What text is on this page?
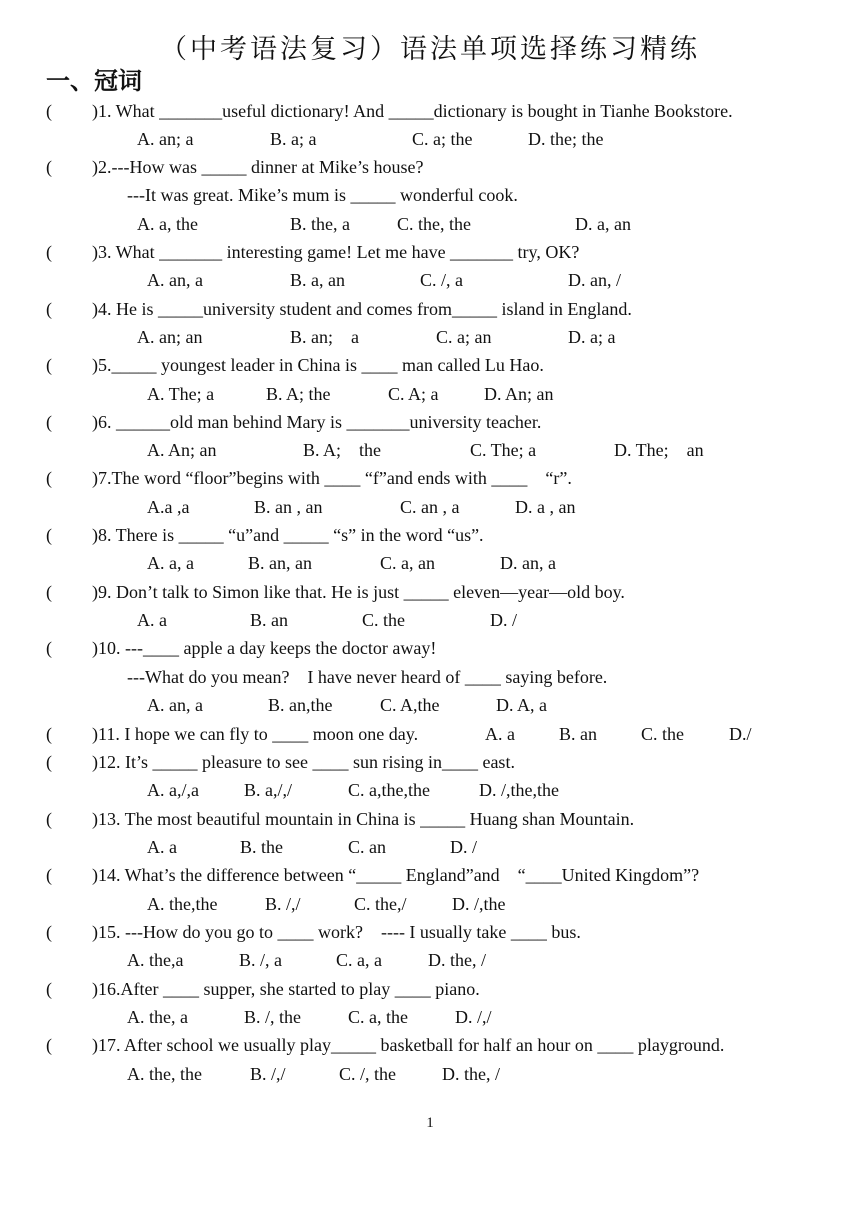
（中考语法复习）语法单项选择练习精练
一、冠词
( )1. What _______useful dictionary! And _____dictionary is bought in Tianhe Bookstore.
A. an; a	B. a; a	C. a; the	D. the; the
( )2.---How was _____ dinner at Mike’s house?
---It was great. Mike’s mum is _____ wonderful cook.
A. a, the	B. the, a	C. the, the	D. a, an
( )3. What _______ interesting game! Let me have _______ try, OK?
A. an, a	B. a, an	C. /, a	D. an, /
( )4. He is _____university student and comes from_____ island in England.
A. an; an	B. an;    a	C. a; an	D. a; a
( )5._____ youngest leader in China is ____ man called Lu Hao.
A. The; a	B. A; the	C. A; a	D. An; an
( )6. ______old man behind Mary is _______university teacher.
A. An; an	B. A;    the	C. The; a	D. The;    an
( )7.The word “floor”begins with ____ “f”and ends with ____    “r”.
A.a ,a	B. an , an	C. an , a	D. a , an
( )8. There is _____ “u”and _____ “s” in the word “us”.
A. a, a	B. an, an	C. a, an	D. an, a
( )9. Don’t talk to Simon like that. He is just _____ eleven—year—old boy.
A. a	B. an	C. the	D. /
( )10. ---____ apple a day keeps the doctor away!
---What do you mean?    I have never heard of ____ saying before.
A. an, a	B. an,the	C. A,the	D. A, a
( )11. I hope we can fly to ____ moon one day.	A. a B. an C. the	D./
( )12. It’s _____ pleasure to see ____ sun rising in____ east.
A. a,/,a	B. a,/,/	C. a,the,the	D. /,the,the
( )13. The most beautiful mountain in China is _____ Huang shan Mountain.
A. a	B. the	C. an	D. /
( )14. What’s the difference between “_____ England”and    “____United Kingdom”?
A. the,the	B. /,/	C. the,/	D. /,the
( )15. ---How do you go to ____ work?    ---- I usually take ____ bus.
A. the,a	B. /, a	C. a, a	D. the, /
( )16.After ____ supper, she started to play ____ piano.
A. the, a	B. /, the	C. a, the	D. /,/
( )17. After school we usually play_____ basketball for half an hour on ____ playground.
A. the, the	B. /,/	C. /, the	D. the, /
1
